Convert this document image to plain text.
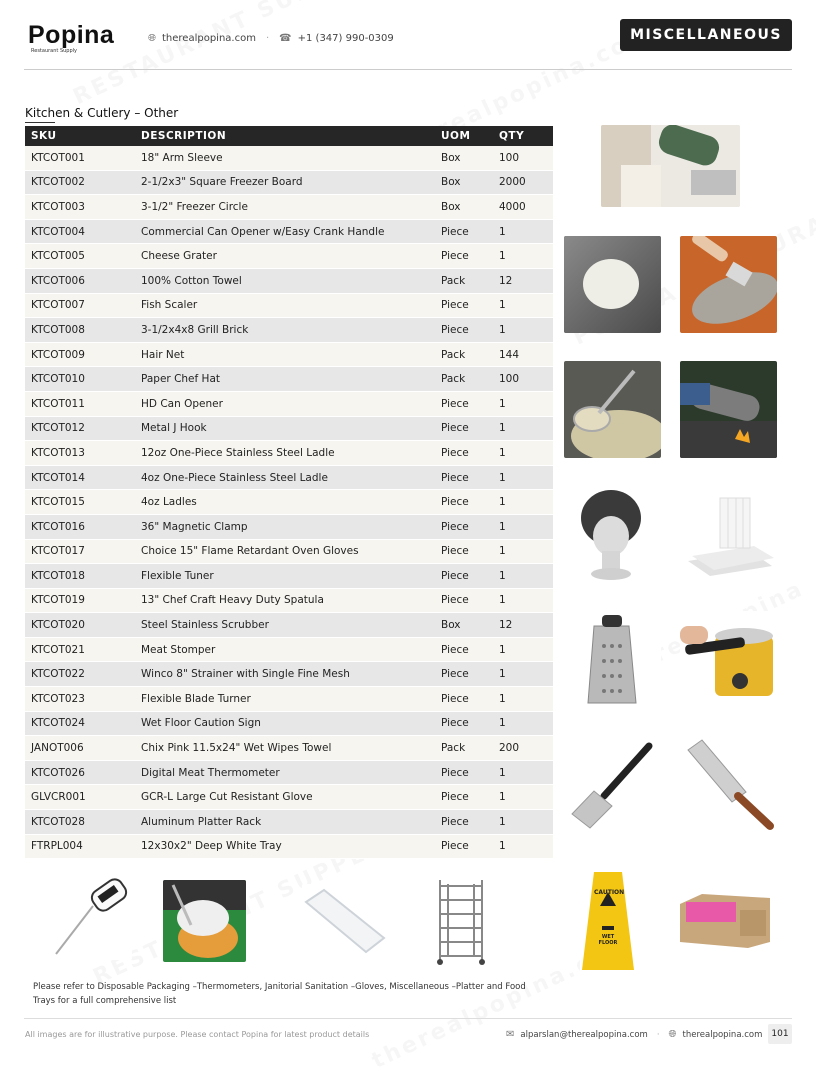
Popina
Restaurant Supply
🌐︎ therealpopina.com · ☎ +1 (347) 990-0309	MISCELLANEOUS
Kitchen & Cutlery – Other
SKU	DESCRIPTION	UOM	QTY
KTCOT001	18" Arm Sleeve	Box	100
KTCOT002	2-1/2x3" Square Freezer Board	Box	2000
KTCOT003	3-1/2" Freezer Circle	Box	4000
KTCOT004	Commercial Can Opener w/Easy Crank Handle	Piece	1
KTCOT005	Cheese Grater	Piece	1
KTCOT006	100% Cotton Towel	Pack	12
KTCOT007	Fish Scaler	Piece	1
KTCOT008	3-1/2x4x8 Grill Brick	Piece	1
KTCOT009	Hair Net	Pack	144
KTCOT010	Paper Chef Hat	Pack	100
KTCOT011	HD Can Opener	Piece	1
KTCOT012	Metal J Hook	Piece	1
KTCOT013	12oz One-Piece Stainless Steel Ladle	Piece	1
KTCOT014	4oz One-Piece Stainless Steel Ladle	Piece	1
KTCOT015	4oz Ladles	Piece	1
KTCOT016	36" Magnetic Clamp	Piece	1
KTCOT017	Choice 15" Flame Retardant Oven Gloves	Piece	1
KTCOT018	Flexible Tuner	Piece	1
KTCOT019	13" Chef Craft Heavy Duty Spatula	Piece	1
KTCOT020	Steel Stainless Scrubber	Box	12
KTCOT021	Meat Stomper	Piece	1
KTCOT022	Winco 8" Strainer with Single Fine Mesh	Piece	1
KTCOT023	Flexible Blade Turner	Piece	1
KTCOT024	Wet Floor Caution Sign	Piece	1
JANOT006	Chix Pink 11.5x24" Wet Wipes Towel	Pack	200
KTCOT026	Digital Meat Thermometer	Piece	1
GLVCR001	GCR-L Large Cut Resistant Glove	Piece	1
KTCOT028	Aluminum Platter Rack	Piece	1
FTRPL004	12x30x2" Deep White Tray	Piece	1
CAUTION
WET FLOOR
Please refer to Disposable Packaging –Thermometers, Janitorial Sanitation –Gloves, Miscellaneous –Platter and Food Trays for a full comprehensive list
All images are for illustrative purpose. Please contact Popina for latest product details	✉ alparslan@therealpopina.com · 🌐︎ therealpopina.com	101
